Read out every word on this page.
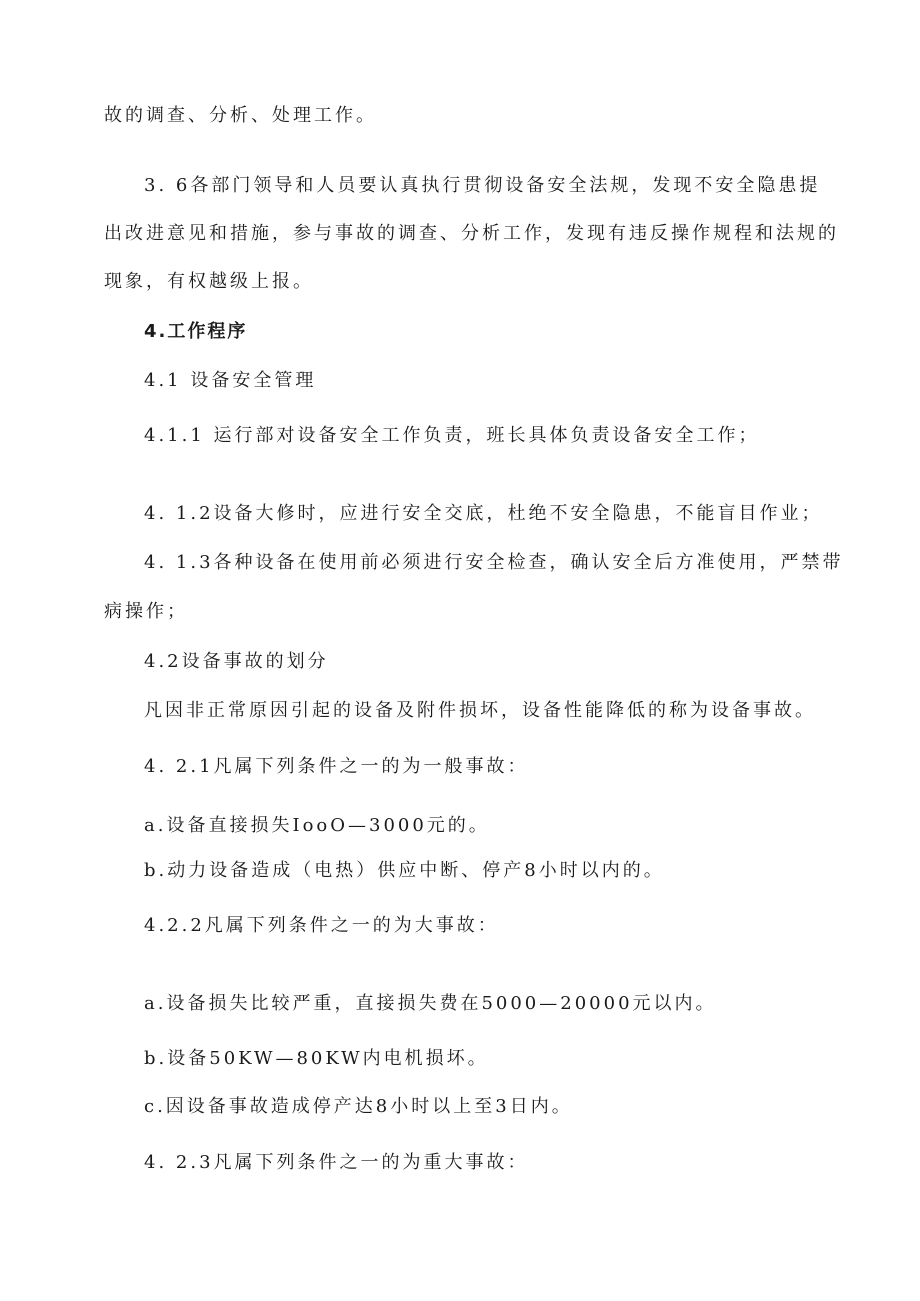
故的调查、分析、处理工作。
3. 6各部门领导和人员要认真执行贯彻设备安全法规，发现不安全隐患提
出改进意见和措施，参与事故的调查、分析工作，发现有违反操作规程和法规的
现象，有权越级上报。
4.工作程序
4.1 设备安全管理
4.1.1 运行部对设备安全工作负责，班长具体负责设备安全工作；
4. 1.2设备大修时，应进行安全交底，杜绝不安全隐患，不能盲目作业；
4. 1.3各种设备在使用前必须进行安全检查，确认安全后方准使用，严禁带
病操作；
4.2设备事故的划分
凡因非正常原因引起的设备及附件损坏，设备性能降低的称为设备事故。
4. 2.1凡属下列条件之一的为一般事故：
a.设备直接损失IooO—3000元的。
b.动力设备造成（电热）供应中断、停产8小时以内的。
4.2.2凡属下列条件之一的为大事故：
a.设备损失比较严重，直接损失费在5000—20000元以内。
b.设备50KW—80KW内电机损坏。
c.因设备事故造成停产达8小时以上至3日内。
4. 2.3凡属下列条件之一的为重大事故：
